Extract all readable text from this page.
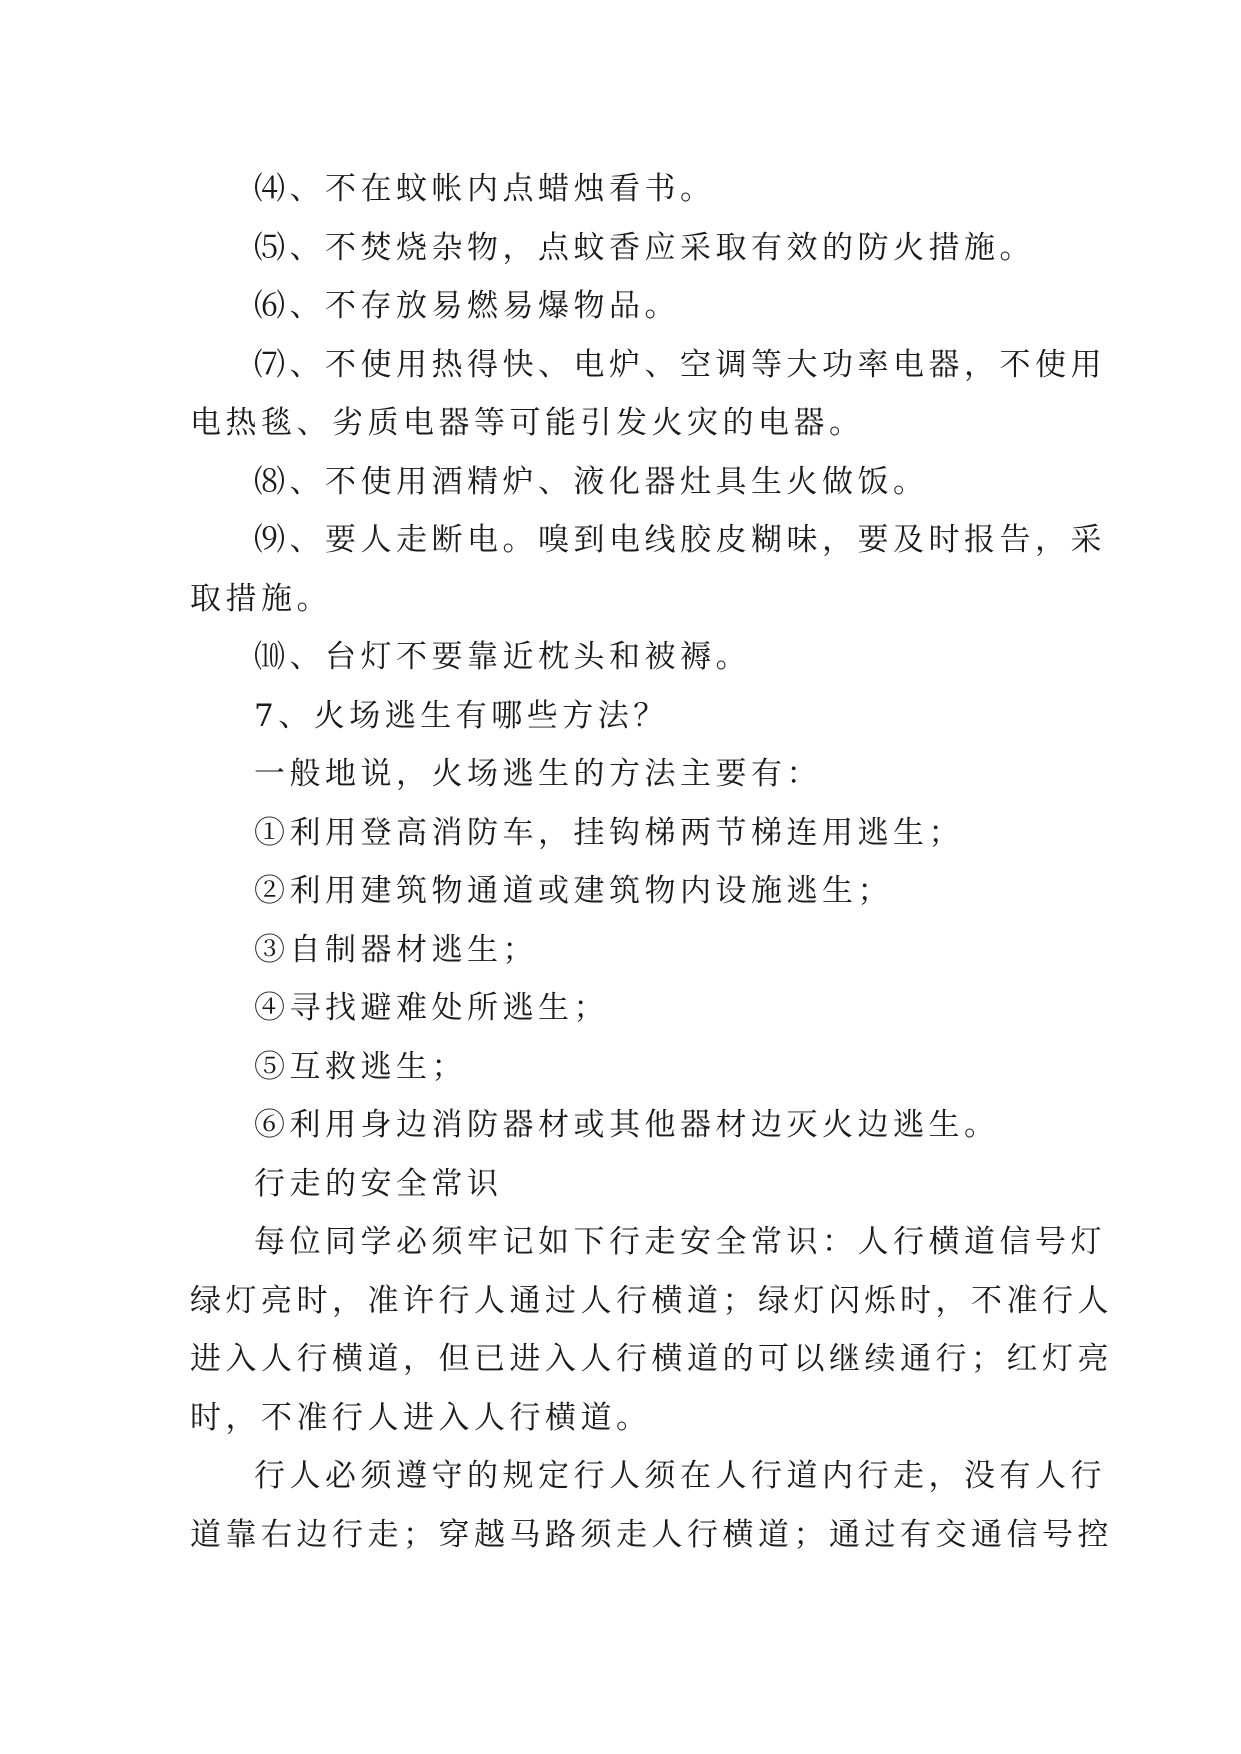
⑷、不在蚊帐内点蜡烛看书。

⑸、不焚烧杂物，点蚊香应采取有效的防火措施。

⑹、不存放易燃易爆物品。

⑺、不使用热得快、电炉、空调等大功率电器，不使用

电热毯、劣质电器等可能引发火灾的电器。

⑻、不使用酒精炉、液化器灶具生火做饭。

⑼、要人走断电。嗅到电线胶皮糊味，要及时报告，采

取措施。

⑽、台灯不要靠近枕头和被褥。

7、火场逃生有哪些方法？

一般地说，火场逃生的方法主要有：

①利用登高消防车，挂钩梯两节梯连用逃生；

②利用建筑物通道或建筑物内设施逃生；

③自制器材逃生；

④寻找避难处所逃生；

⑤互救逃生；

⑥利用身边消防器材或其他器材边灭火边逃生。

行走的安全常识

每位同学必须牢记如下行走安全常识：人行横道信号灯

绿灯亮时，准许行人通过人行横道；绿灯闪烁时，不准行人

进入人行横道，但已进入人行横道的可以继续通行；红灯亮

时，不准行人进入人行横道。

行人必须遵守的规定行人须在人行道内行走，没有人行

道靠右边行走；穿越马路须走人行横道；通过有交通信号控
